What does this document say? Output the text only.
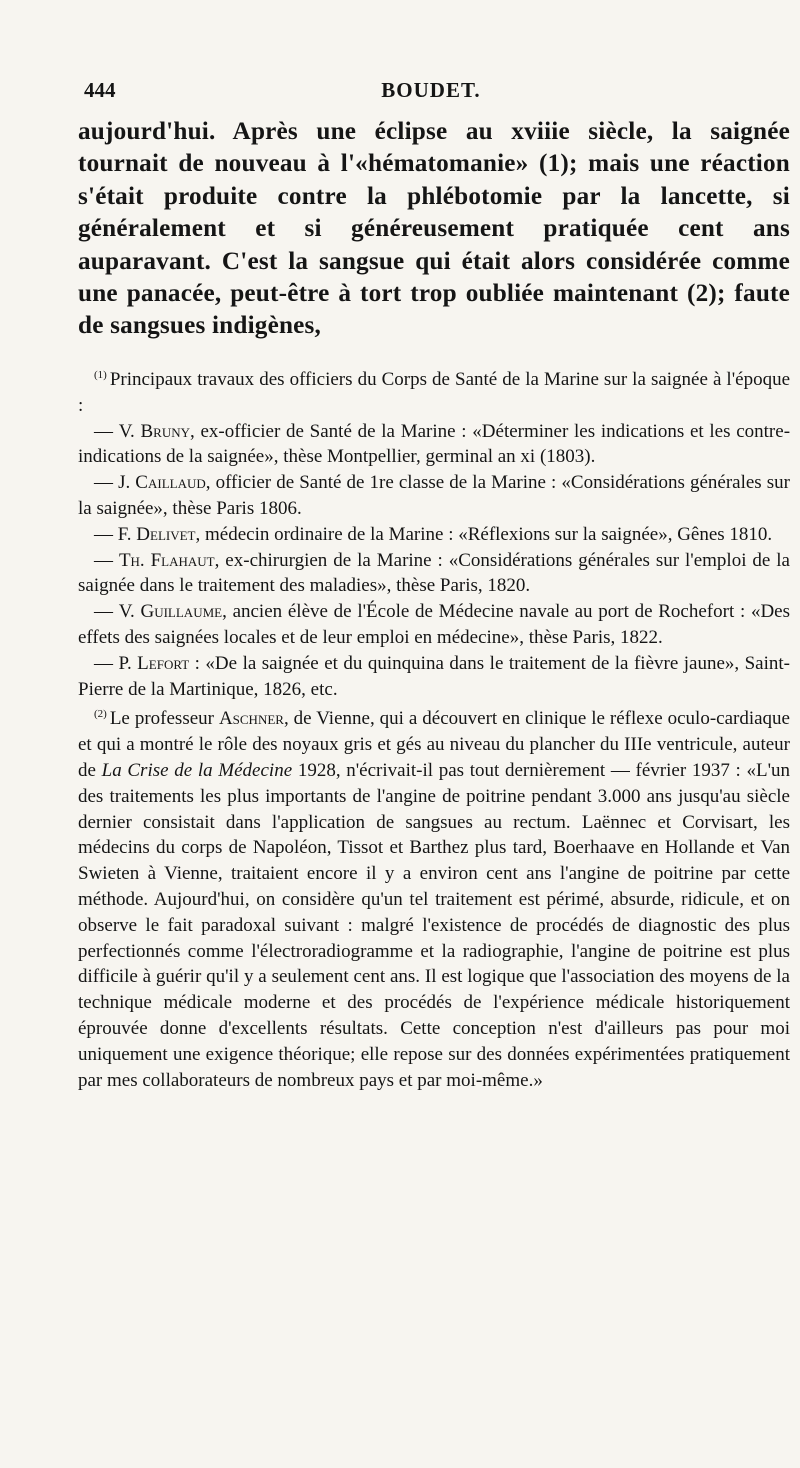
444	BOUDET.
aujourd'hui. Après une éclipse au xviiie siècle, la saignée tournait de nouveau à l'«hématomanie» (1); mais une réaction s'était produite contre la phlébotomie par la lancette, si généralement et si généreusement pratiquée cent ans auparavant. C'est la sangsue qui était alors considérée comme une panacée, peut-être à tort trop oubliée maintenant (2); faute de sangsues indigènes,

$^{(1)}$ Principaux travaux des officiers du Corps de Santé de la Marine sur la saignée à l'époque :

— V. Bruny, ex-officier de Santé de la Marine : «Déterminer les indications et les contre-indications de la saignée», thèse Montpellier, germinal an xi (1803).

— J. Caillaud, officier de Santé de 1re classe de la Marine : «Considérations générales sur la saignée», thèse Paris 1806.

— F. Delivet, médecin ordinaire de la Marine : «Réflexions sur la saignée», Gênes 1810.

— Th. Flahaut, ex-chirurgien de la Marine : «Considérations générales sur l'emploi de la saignée dans le traitement des maladies», thèse Paris, 1820.

— V. Guillaume, ancien élève de l'École de Médecine navale au port de Rochefort : «Des effets des saignées locales et de leur emploi en médecine», thèse Paris, 1822.

— P. Lefort : «De la saignée et du quinquina dans le traitement de la fièvre jaune», Saint-Pierre de la Martinique, 1826, etc.

$^{(2)}$ Le professeur Aschner, de Vienne, qui a découvert en clinique le réflexe oculo-cardiaque et qui a montré le rôle des noyaux gris et gés au niveau du plancher du IIIe ventricule, auteur de La Crise de la Médecine 1928, n'écrivait-il pas tout dernièrement — février 1937 : «L'un des traitements les plus importants de l'angine de poitrine pendant 3.000 ans jusqu'au siècle dernier consistait dans l'application de sangsues au rectum. Laënnec et Corvisart, les médecins du corps de Napoléon, Tissot et Barthez plus tard, Boerhaave en Hollande et Van Swieten à Vienne, traitaient encore il y a environ cent ans l'angine de poitrine par cette méthode. Aujourd'hui, on considère qu'un tel traitement est périmé, absurde, ridicule, et on observe le fait paradoxal suivant : malgré l'existence de procédés de diagnostic des plus perfectionnés comme l'électroradiogramme et la radiographie, l'angine de poitrine est plus difficile à guérir qu'il y a seulement cent ans. Il est logique que l'association des moyens de la technique médicale moderne et des procédés de l'expérience médicale historiquement éprouvée donne d'excellents résultats. Cette conception n'est d'ailleurs pas pour moi uniquement une exigence théorique; elle repose sur des données expérimentées pratiquement par mes collaborateurs de nombreux pays et par moi-même.»
